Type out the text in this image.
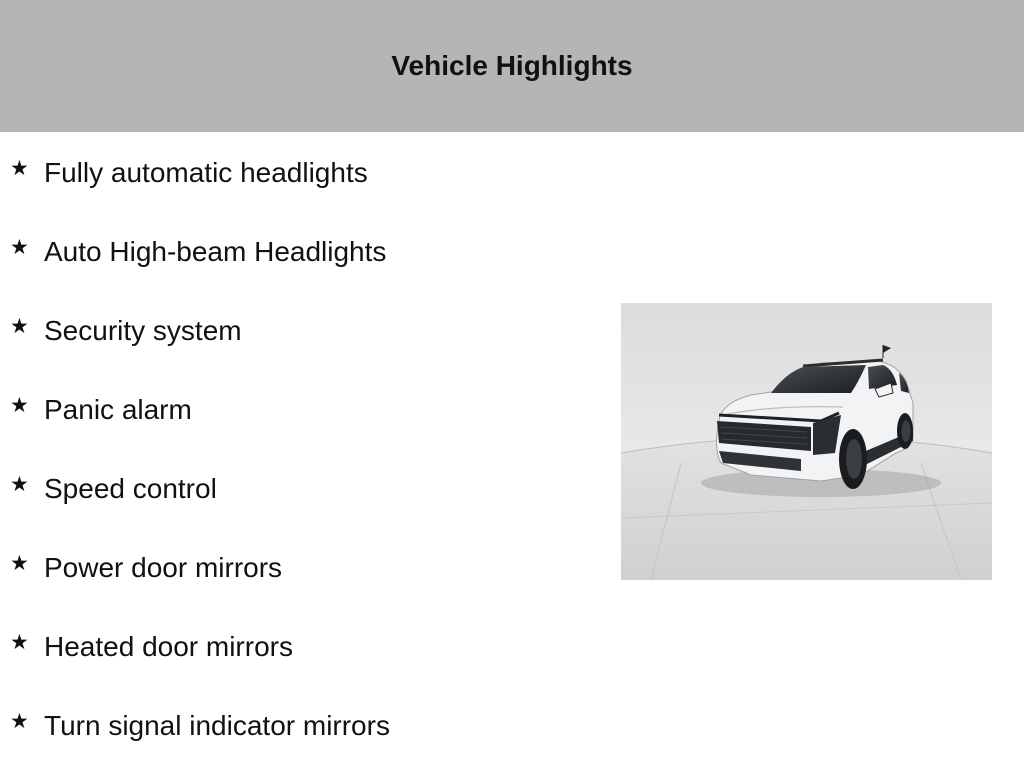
Vehicle Highlights
★ Fully automatic headlights
★ Auto High-beam Headlights
★ Security system
★ Panic alarm
★ Speed control
★ Power door mirrors
★ Heated door mirrors
★ Turn signal indicator mirrors
